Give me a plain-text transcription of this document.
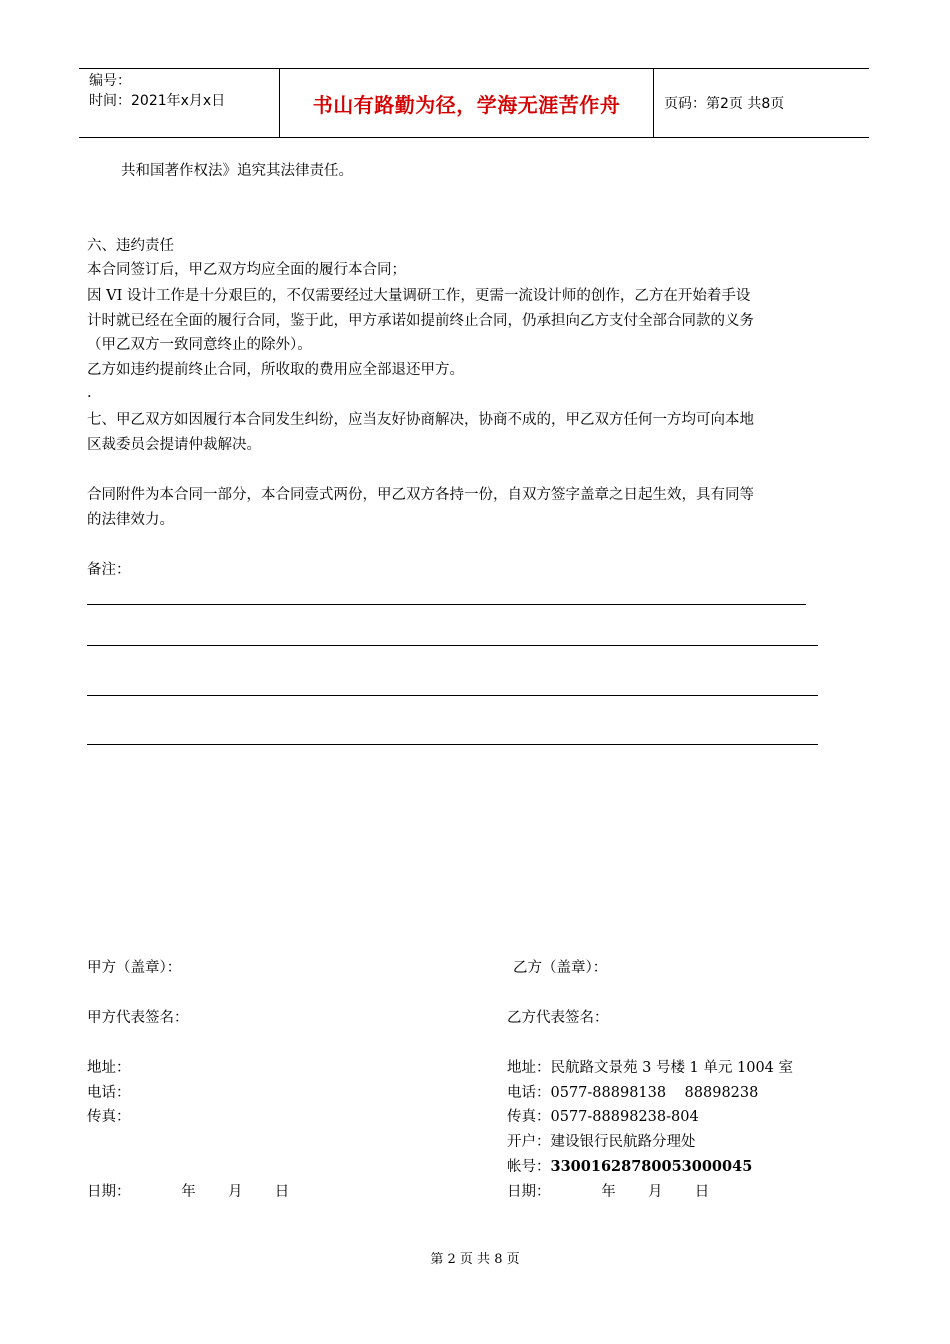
编号：
时间：2021年x月x日	书山有路勤为径，学海无涯苦作舟	页码：第2页 共8页
共和国著作权法》追究其法律责任。
六、违约责任
本合同签订后，甲乙双方均应全面的履行本合同；
因 VI 设计工作是十分艰巨的，不仅需要经过大量调研工作，更需一流设计师的创作，乙方在开始着手设
计时就已经在全面的履行合同，鉴于此，甲方承诺如提前终止合同，仍承担向乙方支付全部合同款的义务
（甲乙双方一致同意终止的除外）。
乙方如违约提前终止合同，所收取的费用应全部退还甲方。
.
七、甲乙双方如因履行本合同发生纠纷，应当友好协商解决，协商不成的，甲乙双方任何一方均可向本地
区裁委员会提请仲裁解决。
合同附件为本合同一部分，本合同壹式两份，甲乙双方各持一份，自双方签字盖章之日起生效，具有同等
的法律效力。
备注：
甲方（盖章）：
甲方代表签名：
地址：
电话：
传真：
日期：           年       月       日
乙方（盖章）：
乙方代表签名：
地址：民航路文景苑 3 号楼 1 单元 1004 室
电话：0577-88898138    88898238
传真：0577-88898238-804
开户：建设银行民航路分理处
帐号：33001628780053000045
日期：           年       月       日
第 2 页 共 8 页
